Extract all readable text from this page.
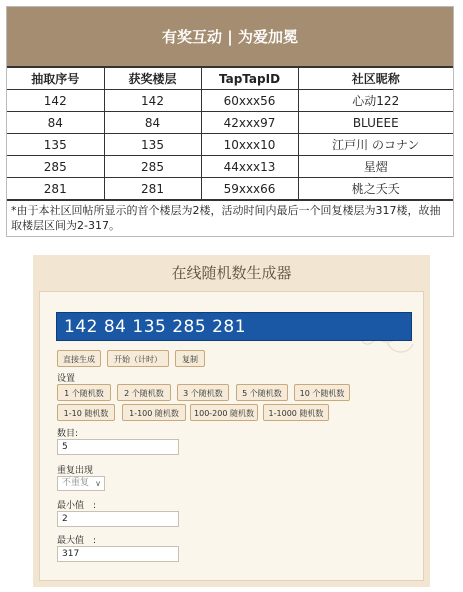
有奖互动 | 为爱加冕
抽取序号	获奖楼层	TapTapID	社区昵称
142	142	60xxx56	心动122
84	84	42xxx97	BLUEEE
135	135	10xxx10	江戸川 のコナン
285	285	44xxx13	星熠
281	281	59xxx66	桃之夭夭
*由于本社区回帖所显示的首个楼层为2楼，活动时间内最后一个回复楼层为317楼，故抽取楼层区间为2-317。
在线随机数生成器
142 84 135 285 281
直接生成	开始（计时）	复制
设置
1 个随机数	2 个随机数	3 个随机数	5 个随机数	10 个随机数
1-10 随机数	1-100 随机数	100-200 随机数	1-1000 随机数
数目:
5
重复出现
不重复 ∨
最小值　:
2
最大值　:
317
